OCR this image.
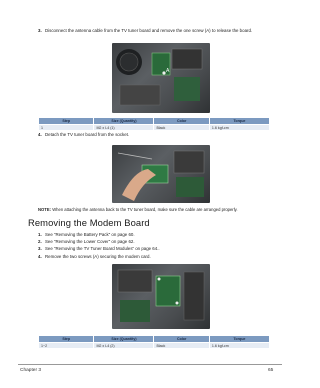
3. Disconnect the antenna cable from the TV tuner board and remove the one screw (A) to release the board.
A
Step	Size (Quantity)	Color	Torque
1	M2 x L4 (1)	Black	1.6 kgf-cm
4. Detach the TV tuner board from the socket.
NOTE: When attaching the antenna back to the TV tuner board, make sure the cable are arranged properly.
Removing the Modem Board
1. See “Removing the Battery Pack” on page 60.
2. See “Removing the Lower Cover” on page 62.
3. See “Removing the TV Tuner Board Modules” on page 64..
4. Remove the two screws (A) securing the modem card.
Step	Size (Quantity)	Color	Torque
1~2	M2 x L4 (2)	Black	1.6 kgf-cm
Chapter 3	65
